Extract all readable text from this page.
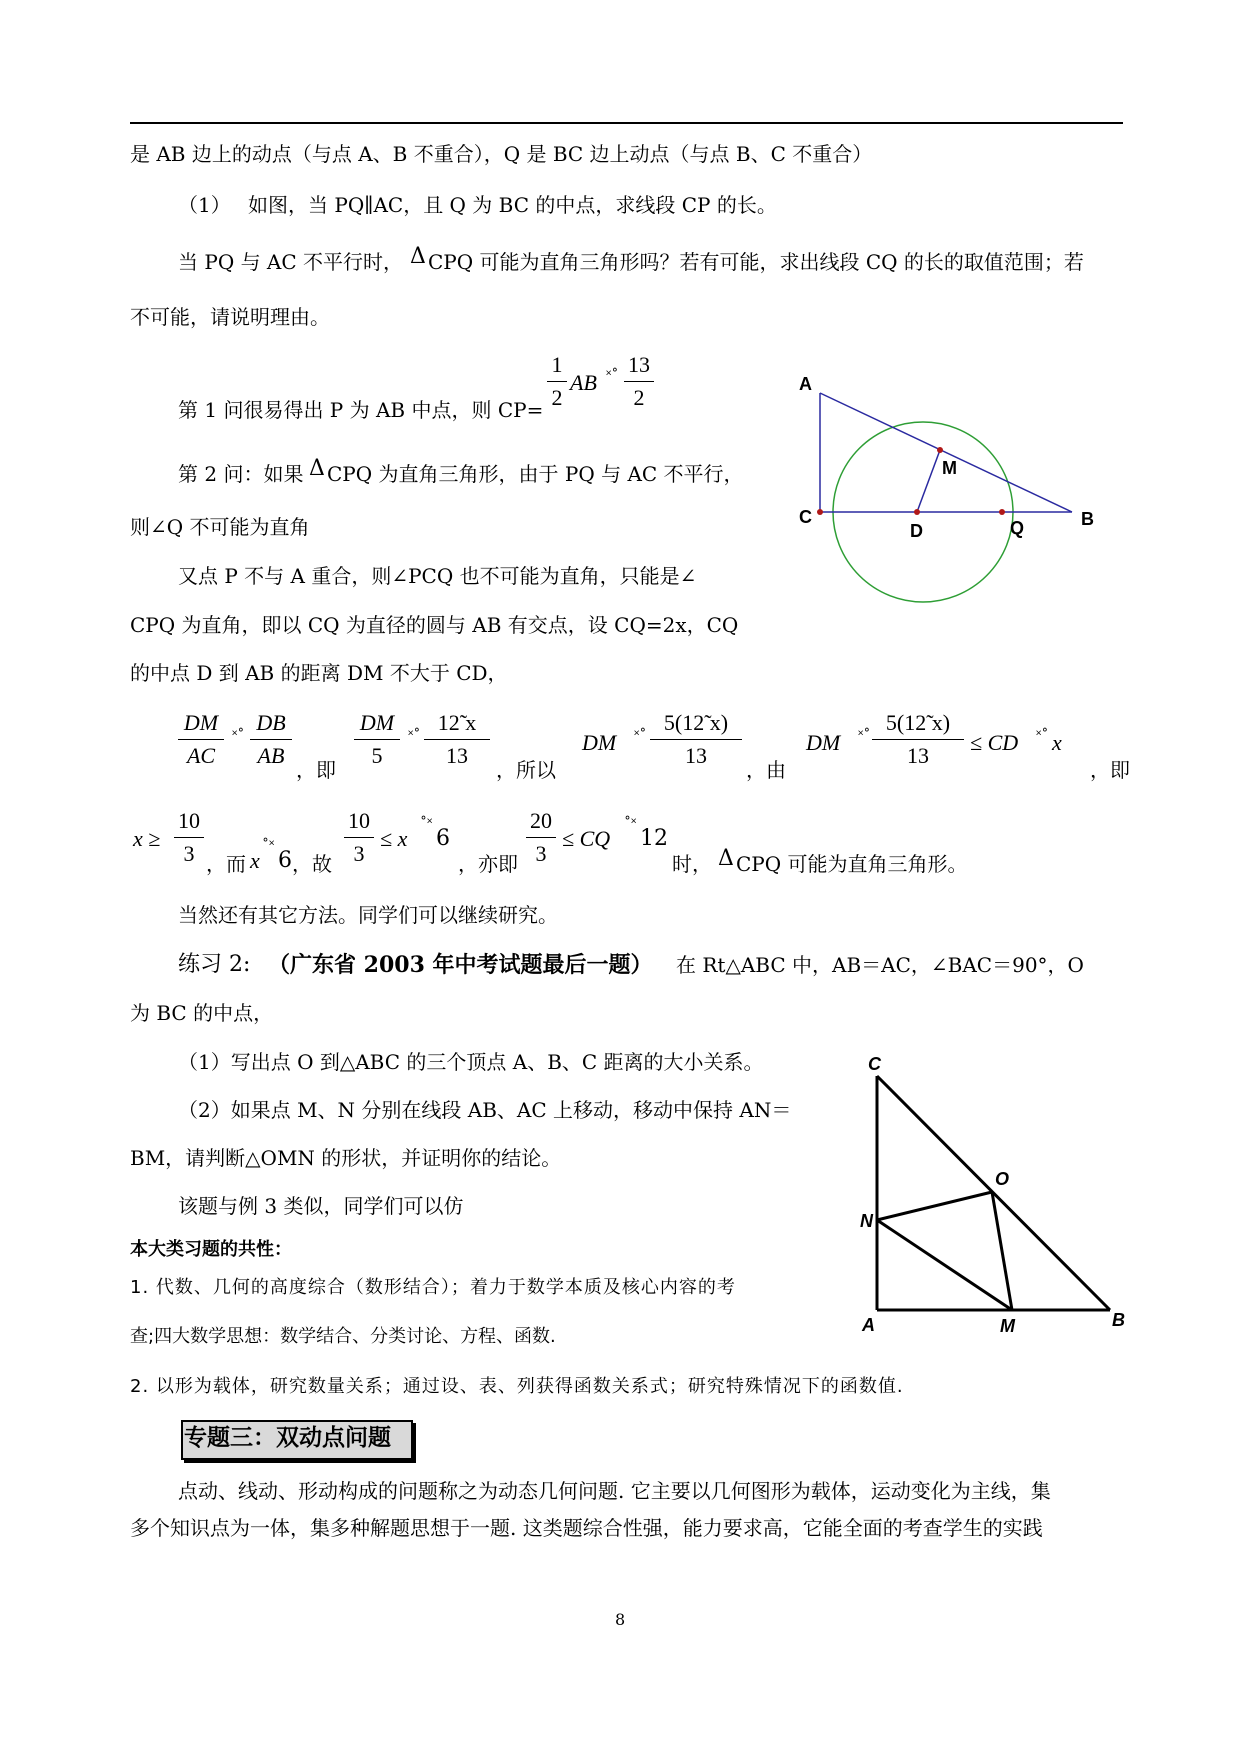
是 AB 边上的动点（与点 A、B 不重合），Q 是 BC 边上动点（与点 B、C 不重合）
（1） 如图，当 PQ∥AC，且 Q 为 BC 的中点，求线段 CP 的长。
当 PQ 与 AC 不平行时， Δ CPQ 可能为直角三角形吗？若有可能，求出线段 CQ 的长的取值范围；若
不可能，请说明理由。
第 1 问很易得出 P 为 AB 中点，则 CP=
1
2
AB ˟˚ 13
2
第 2 问：如果 Δ CPQ 为直角三角形，由于 PQ 与 AC 不平行，
则∠Q 不可能为直角
又点 P 不与 A 重合，则∠PCQ 也不可能为直角，只能是∠
CPQ 为直角，即以 CQ 为直径的圆与 AB 有交点，设 CQ=2x，CQ
的中点 D 到 AB 的距离 DM 不大于 CD，
DM
AC
˟˚
DB
AB
，即
DM
5
˟˚
12̃ x
13
，所以
DM ˟˚
5(12̃ x)
13
，由
DM ˟˚
5(12̃ x)
13
≤ CD ˟˚ x
，即
x ≥
10
3 ，而 x
˚˟
6 ，故
10
3
≤ x
˚˟
6
，亦即
20
3
≤ CQ
˚˟
12
时， Δ CPQ 可能为直角三角形。
当然还有其它方法。同学们可以继续研究。
练习 2: （广东省 2003 年中考试题最后一题） 在 Rt△ABC 中，AB＝AC，∠BAC＝90°，O
为 BC 的中点，
（1）写出点 O 到△ABC 的三个顶点 A、B、C 距离的大小关系。
（2）如果点 M、N 分别在线段 AB、AC 上移动，移动中保持 AN＝
BM，请判断△OMN 的形状，并证明你的结论。
该题与例 3 类似，同学们可以仿
本大类习题的共性：
1. 代数、几何的高度综合（数形结合）；着力于数学本质及核心内容的考
查;四大数学思想：数学结合、分类讨论、方程、函数.
2. 以形为载体，研究数量关系；通过设、表、列获得函数关系式；研究特殊情况下的函数值.
专题三：双动点问题
点动、线动、形动构成的问题称之为动态几何问题. 它主要以几何图形为载体，运动变化为主线，集
多个知识点为一体，集多种解题思想于一题. 这类题综合性强，能力要求高，它能全面的考查学生的实践
8
A
M
C
D	Q	B
C
O
N
A	M	B
